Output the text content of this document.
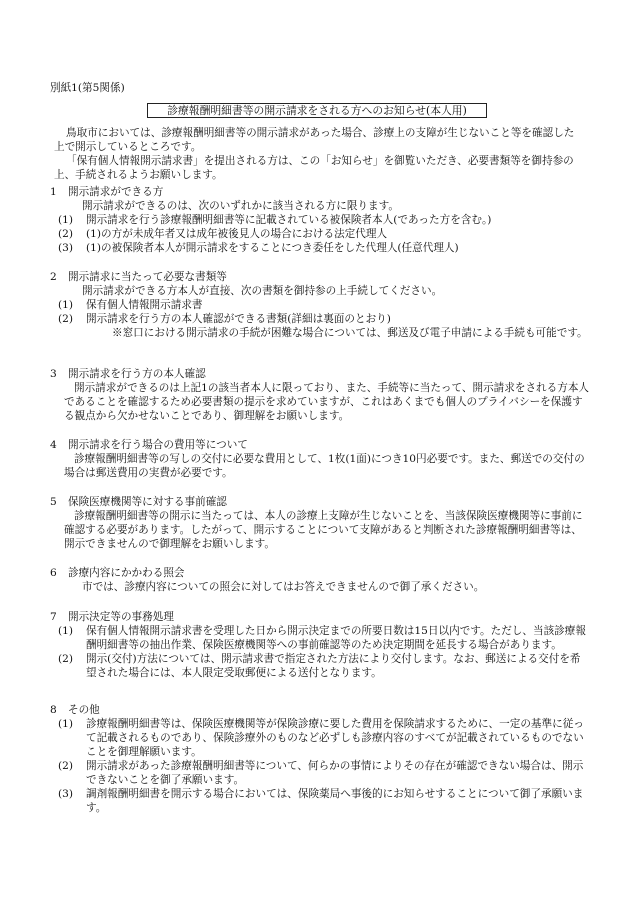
別紙1(第5関係)
診療報酬明細書等の開示請求をされる方へのお知らせ(本人用)

鳥取市においては、診療報酬明細書等の開示請求があった場合、診療上の支障が生じないこと等を確認した上で開示しているところです。

「保有個人情報開示請求書」を提出される方は、この「お知らせ」を御覧いただき、必要書類等を御持参の上、手続されるようお願いします。

1 開示請求ができる方
開示請求ができるのは、次のいずれかに該当される方に限ります。
(1) 開示請求を行う診療報酬明細書等に記載されている被保険者本人(であった方を含む。)
(2) (1)の方が未成年者又は成年被後見人の場合における法定代理人
(3) (1)の被保険者本人が開示請求をすることにつき委任をした代理人(任意代理人)
2 開示請求に当たって必要な書類等
開示請求ができる方本人が直接、次の書類を御持参の上手続してください。
(1) 保有個人情報開示請求書
(2) 開示請求を行う方の本人確認ができる書類(詳細は裏面のとおり)
※窓口における開示請求の手続が困難な場合については、郵送及び電子申請による手続も可能です。
3 開示請求を行う方の本人確認
開示請求ができるのは上記1の該当者本人に限っており、また、手続等に当たって、開示請求をされる方本人であることを確認するため必要書類の提示を求めていますが、これはあくまでも個人のプライバシーを保護する観点から欠かせないことであり、御理解をお願いします。
4 開示請求を行う場合の費用等について
診療報酬明細書等の写しの交付に必要な費用として、1枚(1面)につき10円必要です。また、郵送での交付の場合は郵送費用の実費が必要です。
5 保険医療機関等に対する事前確認
診療報酬明細書等の開示に当たっては、本人の診療上支障が生じないことを、当該保険医療機関等に事前に確認する必要があります。したがって、開示することについて支障があると判断された診療報酬明細書等は、開示できませんので御理解をお願いします。
6 診療内容にかかわる照会
市では、診療内容についての照会に対してはお答えできませんので御了承ください。
7 開示決定等の事務処理
(1) 保有個人情報開示請求書を受理した日から開示決定までの所要日数は15日以内です。ただし、当該診療報酬明細書等の抽出作業、保険医療機関等への事前確認等のため決定期間を延長する場合があります。
(2) 開示(交付)方法については、開示請求書で指定された方法により交付します。なお、郵送による交付を希望された場合には、本人限定受取郵便による送付となります。
8 その他
(1) 診療報酬明細書等は、保険医療機関等が保険診療に要した費用を保険請求するために、一定の基準に従って記載されるものであり、保険診療外のものなど必ずしも診療内容のすべてが記載されているものでないことを御理解願います。
(2) 開示請求があった診療報酬明細書等について、何らかの事情によりその存在が確認できない場合は、開示できないことを御了承願います。
(3) 調剤報酬明細書を開示する場合においては、保険薬局へ事後的にお知らせすることについて御了承願います。
